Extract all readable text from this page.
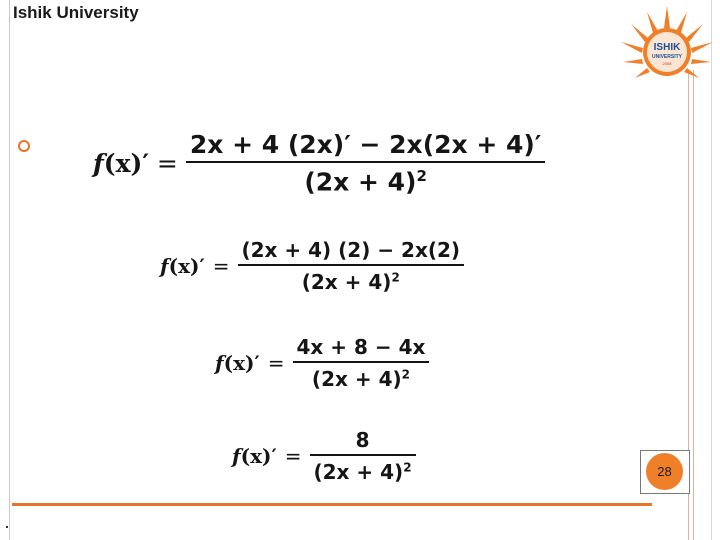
Ishik University
ISHIK
UNIVERSITY
2008
$f(x)' = \frac{2x + 4 (2x)' - 2x(2x + 4)'}{(2x + 4)^2}$
$f(x)' = \frac{(2x + 4) (2) - 2x(2)}{(2x + 4)^2}$
$f(x)' = \frac{4x + 8 - 4x}{(2x + 4)^2}$
$f(x)' = \frac{8}{(2x + 4)^2}$	28
